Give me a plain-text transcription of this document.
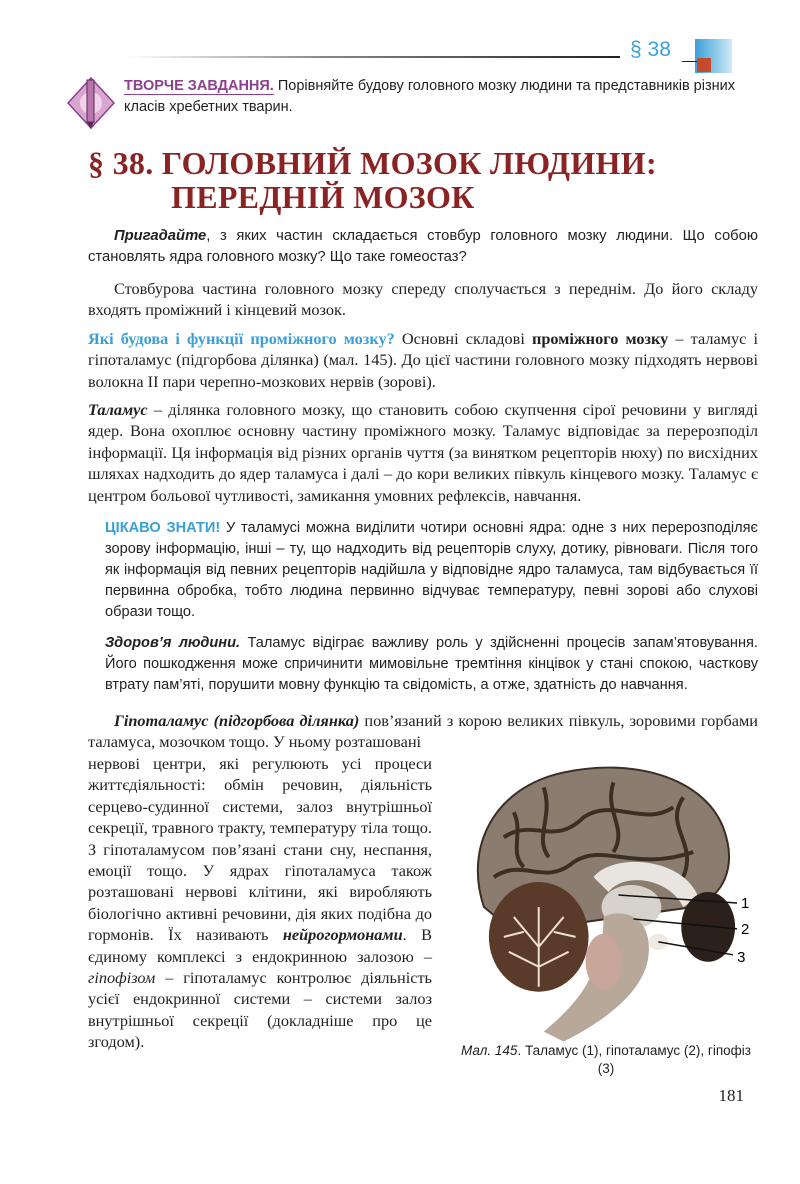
§ 38

ТВОРЧЕ ЗАВДАННЯ. Порівняйте будову головного мозку людини та представників різних класів хребетних тварин.

§ 38. ГОЛОВНИЙ МОЗОК ЛЮДИНИ:
ПЕРЕДНІЙ МОЗОК

Пригадайте, з яких частин складається стовбур головного мозку людини. Що собою становлять ядра головного мозку? Що таке гомеостаз?

Стовбурова частина головного мозку спереду сполучається з переднім. До його складу входять проміжний і кінцевий мозок.

Які будова і функції проміжного мозку? Основні складові проміжного мозку – таламус і гіпоталамус (підгорбова ділянка) (мал. 145). До цієї частини головного мозку підходять нервові волокна ІІ пари черепно-мозкових нервів (зорові).

Таламус – ділянка головного мозку, що становить собою скупчення сірої речовини у вигляді ядер. Вона охоплює основну частину проміжного мозку. Таламус відповідає за перерозподіл інформації. Ця інформація від різних органів чуття (за винятком рецепторів нюху) по висхідних шляхах надходить до ядер таламуса і далі – до кори великих півкуль кінцевого мозку. Таламус є центром больової чутливості, замикання умовних рефлексів, навчання.

ЦІКАВО ЗНАТИ! У таламусі можна виділити чотири основні ядра: одне з них перерозподіляє зорову інформацію, інші – ту, що надходить від рецепторів слуху, дотику, рівноваги. Після того як інформація від певних рецепторів надійшла у відповідне ядро таламуса, там відбувається її первинна обробка, тобто людина первинно відчуває температуру, певні зорові або слухові образи тощо.

Здоров’я людини. Таламус відіграє важливу роль у здійсненні процесів запам’ятовування. Його пошкодження може спричинити мимовільне тремтіння кінцівок у стані спокою, часткову втрату пам’яті, порушити мовну функцію та свідомість, а отже, здатність до навчання.

Гіпоталамус (підгорбова ділянка) пов’язаний з корою великих півкуль, зоровими горбами таламуса, мозочком тощо. У ньому розташовані

нервові центри, які регулюють усі процеси життєдіяльності: обмін речовин, діяльність серцево-судинної системи, залоз внутрішньої секреції, травного тракту, температуру тіла тощо. З гіпоталамусом пов’язані стани сну, неспання, емоції тощо. У ядрах гіпоталамуса також розташовані нервові клітини, які виробляють біологічно активні речовини, дія яких подібна до гормонів. Їх називають нейрогормонами. В єдиному комплексі з ендокринною залозою – гіпофізом – гіпоталамус контролює діяльність усієї ендокринної системи – системи залоз внутрішньої секреції (докладніше про це згодом).

1
2
3

Мал. 145. Таламус (1), гіпоталамус (2), гіпофіз (3)

181
